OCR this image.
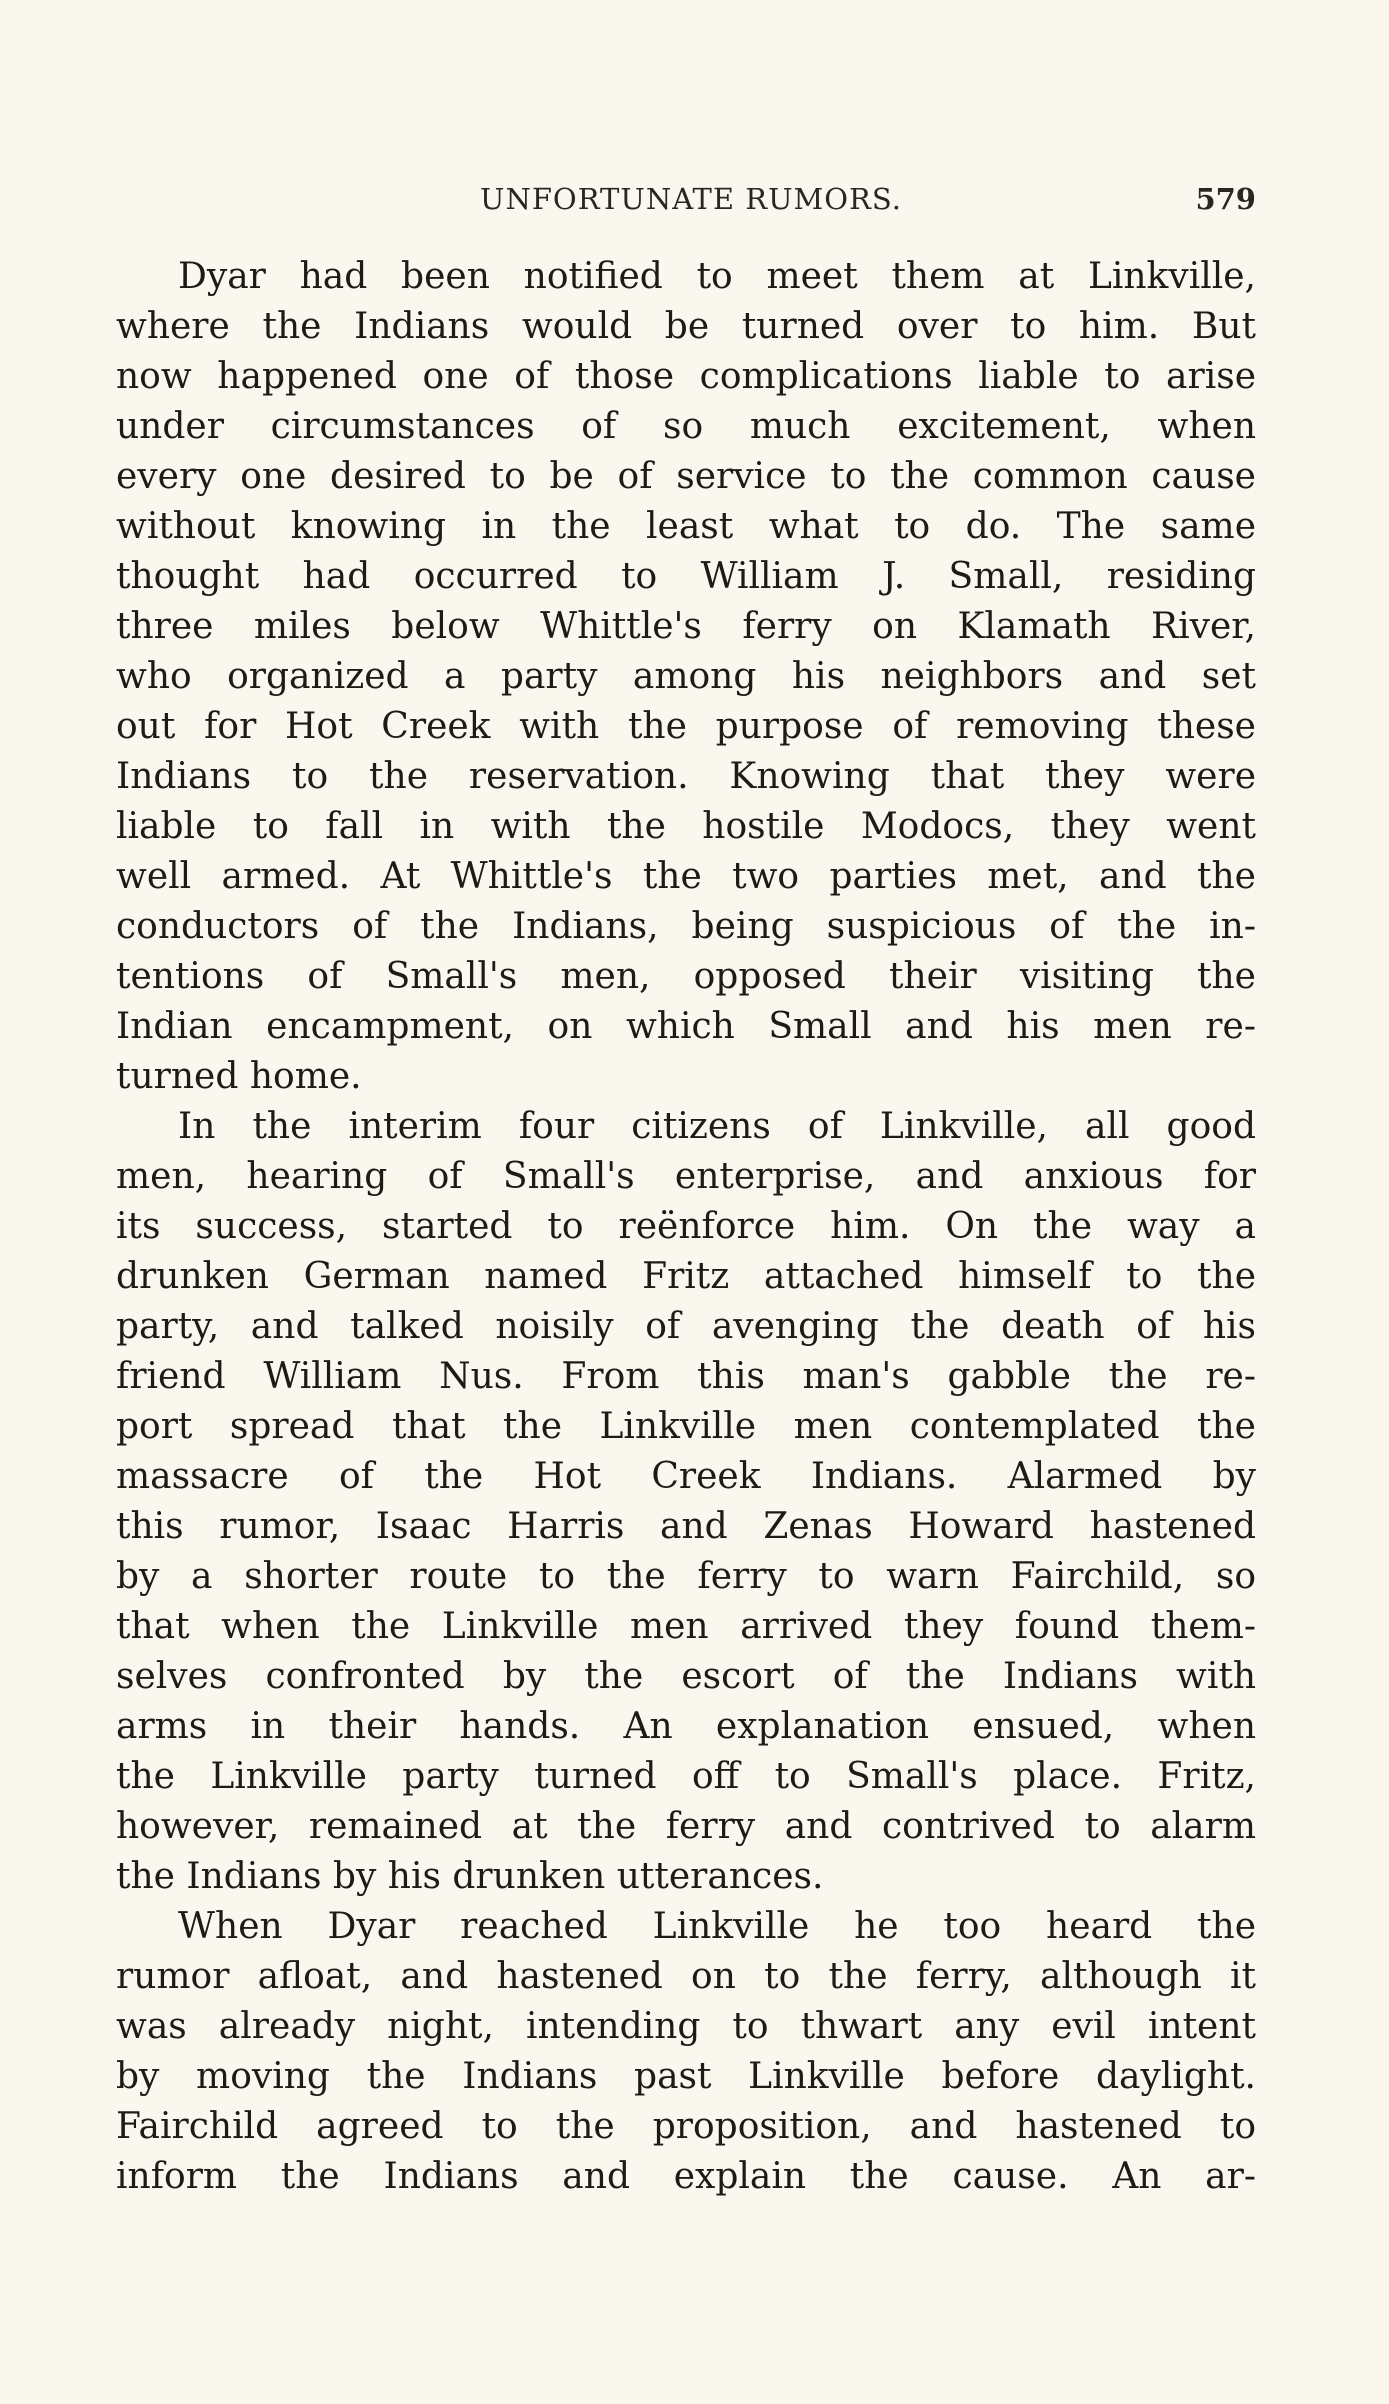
UNFORTUNATE RUMORS.	579
Dyar had been notified to meet them at Linkville,
where the Indians would be turned over to him. But
now happened one of those complications liable to arise
under circumstances of so much excitement, when
every one desired to be of service to the common cause
without knowing in the least what to do. The same
thought had occurred to William J. Small, residing
three miles below Whittle's ferry on Klamath River,
who organized a party among his neighbors and set
out for Hot Creek with the purpose of removing these
Indians to the reservation. Knowing that they were
liable to fall in with the hostile Modocs, they went
well armed. At Whittle's the two parties met, and the
conductors of the Indians, being suspicious of the in-
tentions of Small's men, opposed their visiting the
Indian encampment, on which Small and his men re-
turned home.
In the interim four citizens of Linkville, all good
men, hearing of Small's enterprise, and anxious for
its success, started to reënforce him. On the way a
drunken German named Fritz attached himself to the
party, and talked noisily of avenging the death of his
friend William Nus. From this man's gabble the re-
port spread that the Linkville men contemplated the
massacre of the Hot Creek Indians. Alarmed by
this rumor, Isaac Harris and Zenas Howard hastened
by a shorter route to the ferry to warn Fairchild, so
that when the Linkville men arrived they found them-
selves confronted by the escort of the Indians with
arms in their hands. An explanation ensued, when
the Linkville party turned off to Small's place. Fritz,
however, remained at the ferry and contrived to alarm
the Indians by his drunken utterances.
When Dyar reached Linkville he too heard the
rumor afloat, and hastened on to the ferry, although it
was already night, intending to thwart any evil intent
by moving the Indians past Linkville before daylight.
Fairchild agreed to the proposition, and hastened to
inform the Indians and explain the cause. An ar-
